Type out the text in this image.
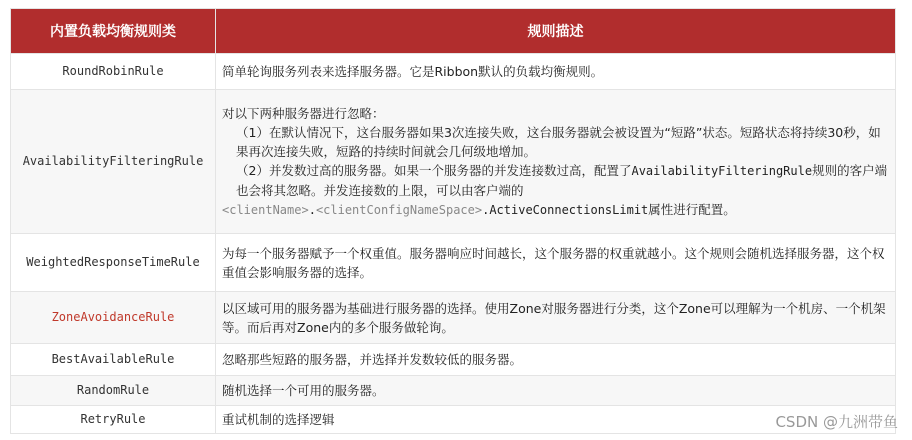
内置负载均衡规则类	规则描述
RoundRobinRule	简单轮询服务列表来选择服务器。它是Ribbon默认的负载均衡规则。
AvailabilityFilteringRule	对以下两种服务器进行忽略：
（1）在默认情况下，这台服务器如果3次连接失败，这台服务器就会被设置为“短路”状态。短路状态将持续30秒，如果再次连接失败，短路的持续时间就会几何级地增加。
（2）并发数过高的服务器。如果一个服务器的并发连接数过高，配置了AvailabilityFilteringRule规则的客户端也会将其忽略。并发连接数的上限，可以由客户端的
<clientName>.<clientConfigNameSpace>.ActiveConnectionsLimit属性进行配置。

WeightedResponseTimeRule	为每一个服务器赋予一个权重值。服务器响应时间越长，这个服务器的权重就越小。这个规则会随机选择服务器，这个权重值会影响服务器的选择。
ZoneAvoidanceRule	以区域可用的服务器为基础进行服务器的选择。使用Zone对服务器进行分类，这个Zone可以理解为一个机房、一个机架等。而后再对Zone内的多个服务做轮询。
BestAvailableRule	忽略那些短路的服务器，并选择并发数较低的服务器。
RandomRule	随机选择一个可用的服务器。
RetryRule	重试机制的选择逻辑	CSDN @九洲带鱼
